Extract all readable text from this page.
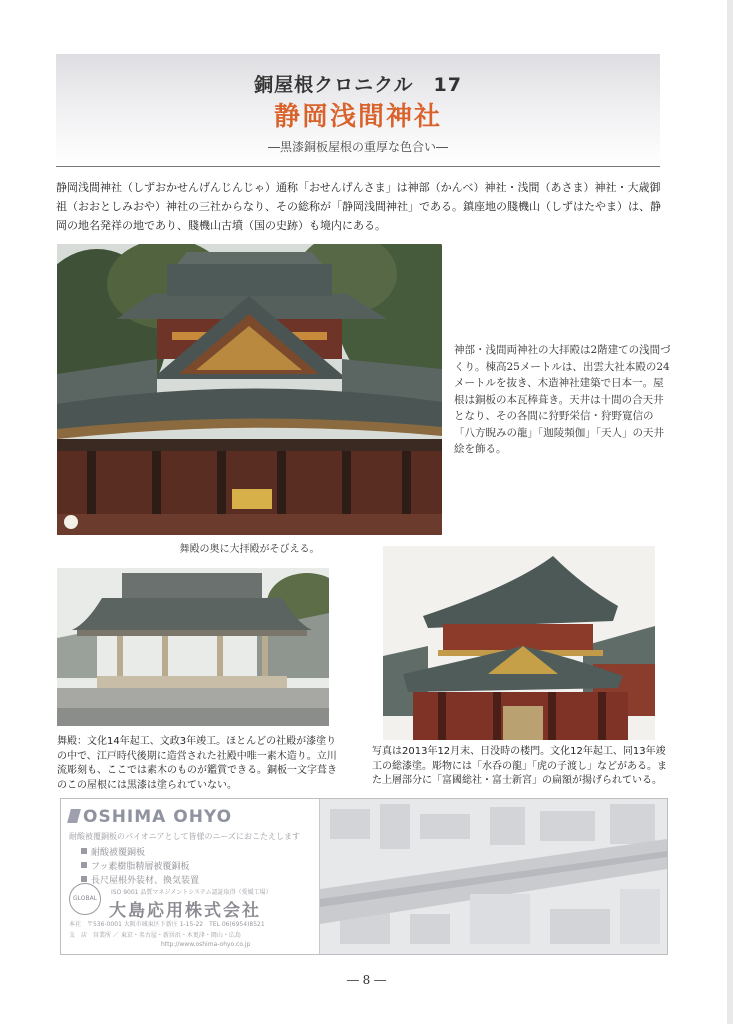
銅屋根クロニクル　17
静岡浅間神社
―黒漆銅板屋根の重厚な色合い―

静岡浅間神社（しずおかせんげんじんじゃ）通称「おせんげんさま」は神部（かんべ）神社・浅間（あさま）神社・大歳御祖（おおとしみおや）神社の三社からなり、その総称が「静岡浅間神社」である。鎮座地の賤機山（しずはたやま）は、静岡の地名発祥の地であり、賤機山古墳（国の史跡）も境内にある。

舞殿の奥に大拝殿がそびえる。

神部・浅間両神社の大拝殿は2階建ての浅間づくり。棟高25メートルは、出雲大社本殿の24メートルを抜き、木造神社建築で日本一。屋根は銅板の本瓦棒葺き。天井は十間の合天井となり、その各間に狩野栄信・狩野寛信の「八方睨みの龍」「迦陵頻伽」「天人」の天井絵を飾る。

舞殿：文化14年起工、文政3年竣工。ほとんどの社殿が漆塗りの中で、江戸時代後期に造営された社殿中唯一素木造り。立川流彫刻も、ここでは素木のものが鑑賞できる。銅板一文字葺きのこの屋根には黒漆は塗られていない。

写真は2013年12月末、日没時の楼門。文化12年起工、同13年竣工の総漆塗。彫物には「水呑の龍」「虎の子渡し」などがある。また上層部分に「富國総社・富士新宮」の扁額が揚げられている。

OSHIMA OHYO
耐酸被覆銅板のパイオニアとして皆様のニーズにおこたえします
耐酸被覆銅板
フッ素樹脂精層被覆銅板
長尺屋根外装材、換気装置
GLOBAL
ISO 9001 品質マネジメントシステム認証取得（愛媛工場）
大島応用株式会社
本社　〒536-0001 大阪市城東区下新庄 1-15-22　TEL 06(6954)8521
支　店　営業所 ／ 東京・名古屋・新居浜・木更津・岡山・広島
http://www.oshima-ohyo.co.jp
― 8 ―
